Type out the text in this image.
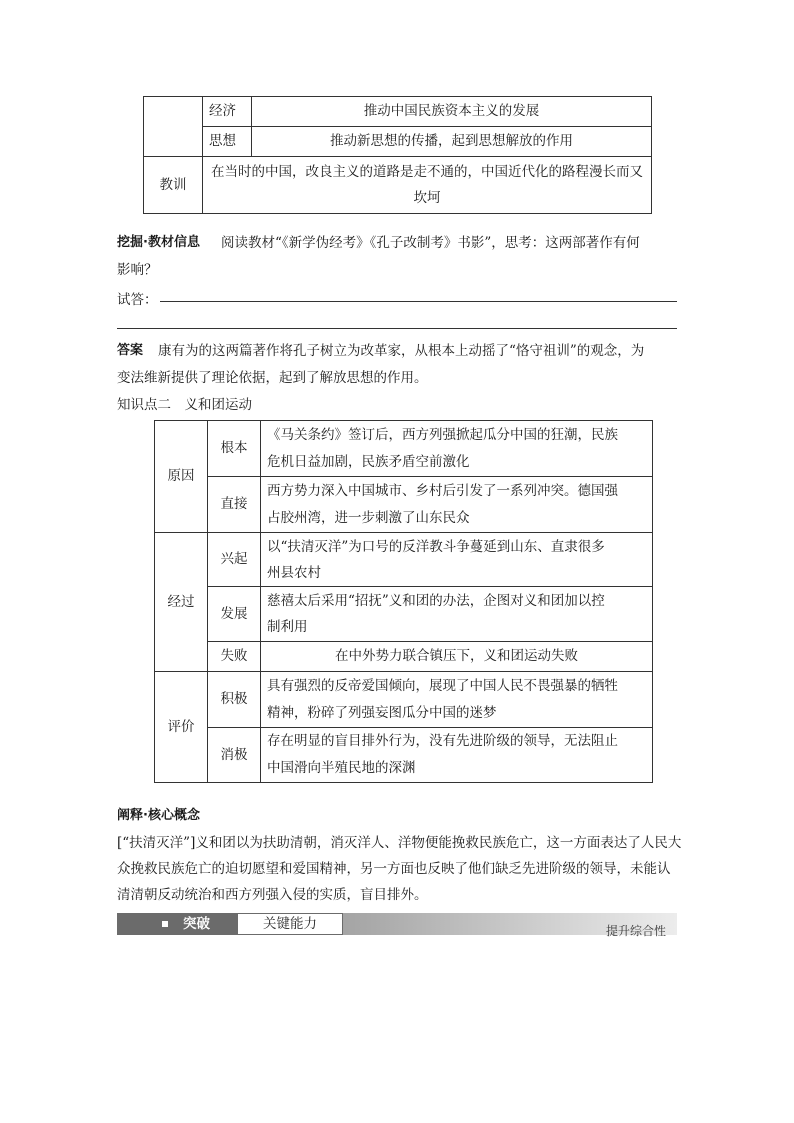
	经济	推动中国民族资本主义的发展
	思想	推动新思想的传播，起到思想解放的作用
教训	在当时的中国，改良主义的道路是走不通的，中国近代化的路程漫长而又
坎坷	
挖掘·教材信息 阅读教材“《新学伪经考》《孔子改制考》书影”，思考：这两部著作有何
影响？
试答：
答案 康有为的这两篇著作将孔子树立为改革家，从根本上动摇了“恪守祖训”的观念，为
变法维新提供了理论依据，起到了解放思想的作用。
知识点二　义和团运动
原因	根本	《马关条约》签订后，西方列强掀起瓜分中国的狂潮，民族
危机日益加剧，民族矛盾空前激化

	直接	西方势力深入中国城市、乡村后引发了一系列冲突。德国强
占胶州湾，进一步刺激了山东民众

经过	兴起	以“扶清灭洋”为口号的反洋教斗争蔓延到山东、直隶很多
州县农村

	发展	慈禧太后采用“招抚”义和团的办法，企图对义和团加以控
制利用

	失败	在中外势力联合镇压下，义和团运动失败
评价	积极	具有强烈的反帝爱国倾向，展现了中国人民不畏强暴的牺牲
精神，粉碎了列强妄图瓜分中国的迷梦

	消极	存在明显的盲目排外行为，没有先进阶级的领导，无法阻止
中国滑向半殖民地的深渊
阐释·核心概念
[“扶清灭洋”]义和团以为扶助清朝，消灭洋人、洋物便能挽救民族危亡，这一方面表达了人民大众挽救民族危亡的迫切愿望和爱国精神，另一方面也反映了他们缺乏先进阶级的领导，未能认清清朝反动统治和西方列强入侵的实质，盲目排外。
突破	关键能力	提升综合性
